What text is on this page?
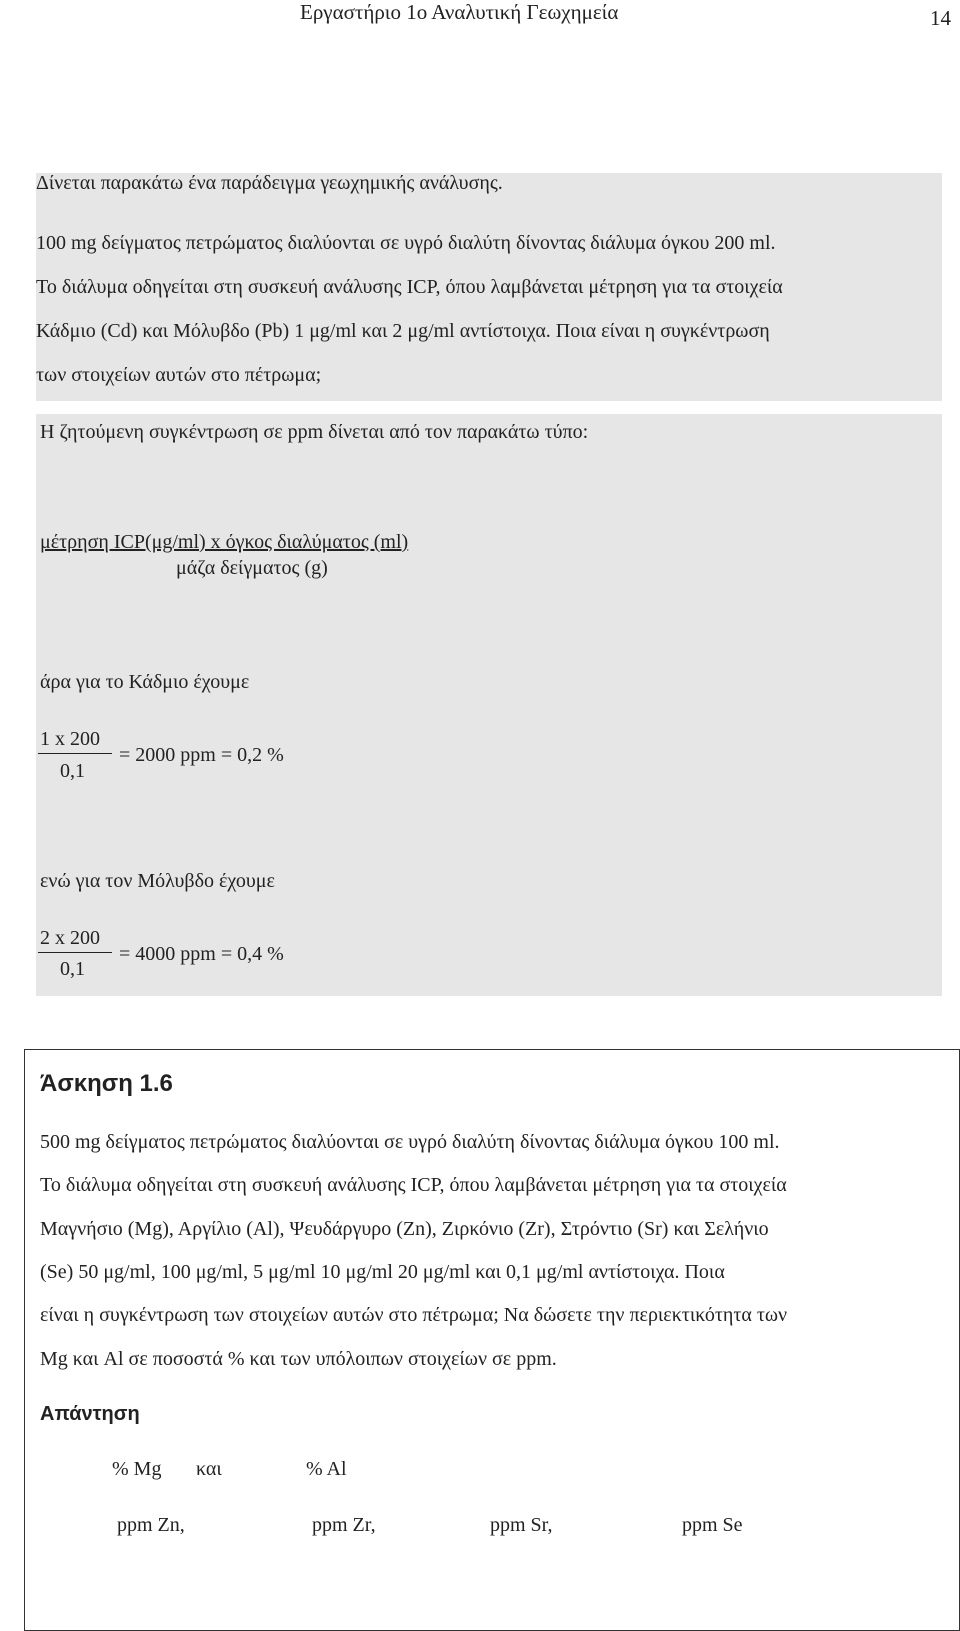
Εργαστήριο 1ο Αναλυτική Γεωχημεία	14
Δίνεται παρακάτω ένα παράδειγμα γεωχημικής ανάλυσης.
100 mg δείγματος πετρώματος διαλύονται σε υγρό διαλύτη δίνοντας διάλυμα όγκου 200 ml.
Το διάλυμα οδηγείται στη συσκευή ανάλυσης ICP, όπου λαμβάνεται μέτρηση για τα στοιχεία
Κάδμιο (Cd) και Μόλυβδο (Pb) 1 μg/ml και 2 μg/ml αντίστοιχα. Ποια είναι η συγκέντρωση
των στοιχείων αυτών στο πέτρωμα;
Η ζητούμενη συγκέντρωση σε ppm δίνεται από τον παρακάτω τύπο:
μέτρηση ICP(μg/ml) x όγκος διαλύματος (ml)
μάζα δείγματος (g)
άρα για το Κάδμιο έχουμε
1 x 200
0,1
= 2000 ppm = 0,2 %
ενώ για τον Μόλυβδο έχουμε
2 x 200
0,1
= 4000 ppm = 0,4 %
Άσκηση 1.6
500 mg δείγματος πετρώματος διαλύονται σε υγρό διαλύτη δίνοντας διάλυμα όγκου 100 ml.
Το διάλυμα οδηγείται στη συσκευή ανάλυσης ICP, όπου λαμβάνεται μέτρηση για τα στοιχεία
Μαγνήσιο (Mg), Αργίλιο (Al), Ψευδάργυρο (Zn), Ζιρκόνιο (Zr), Στρόντιο (Sr) και Σελήνιο
(Se) 50 μg/ml, 100 μg/ml, 5 μg/ml 10 μg/ml 20 μg/ml και 0,1 μg/ml αντίστοιχα. Ποια
είναι η συγκέντρωση των στοιχείων αυτών στο πέτρωμα; Να δώσετε την περιεκτικότητα των
Mg και Al σε ποσοστά % και των υπόλοιπων στοιχείων σε ppm.
Απάντηση
% Mg και	% Al
ppm Zn,	ppm Zr,	ppm Sr,	ppm Se
